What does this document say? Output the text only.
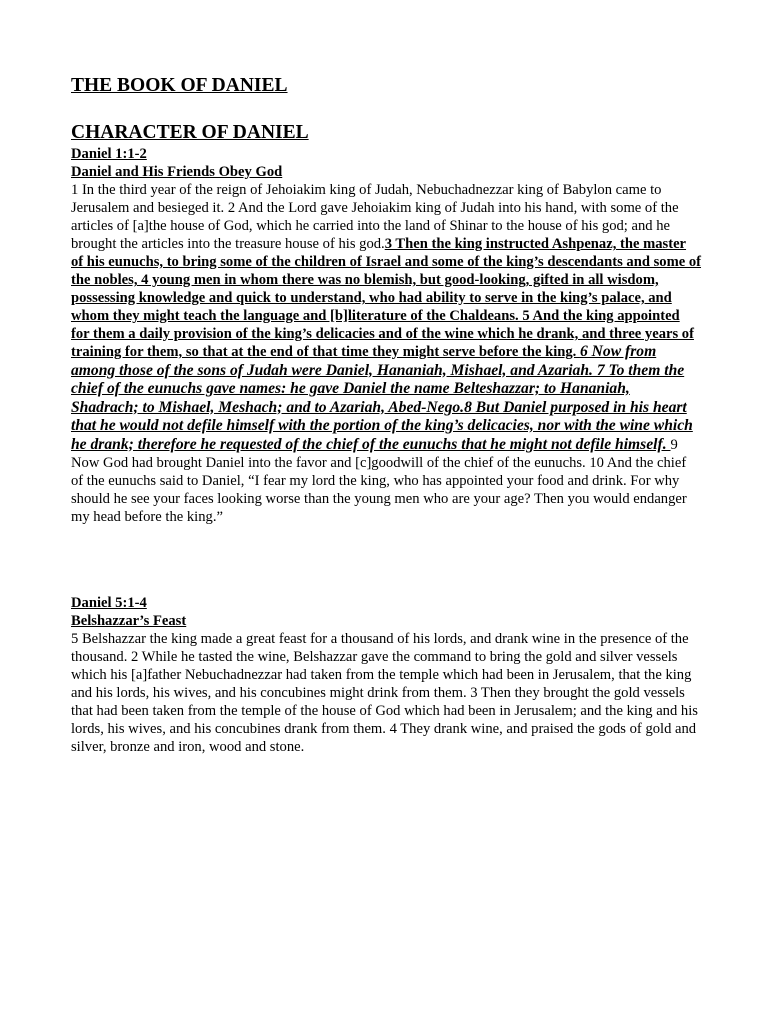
THE BOOK OF DANIEL
CHARACTER OF DANIEL
Daniel 1:1-2
Daniel and His Friends Obey God

1 In the third year of the reign of Jehoiakim king of Judah, Nebuchadnezzar king of Babylon came to Jerusalem and besieged it. 2 And the Lord gave Jehoiakim king of Judah into his hand, with some of the articles of [a]the house of God, which he carried into the land of Shinar to the house of his god; and he brought the articles into the treasure house of his god.3 Then the king instructed Ashpenaz, the master of his eunuchs, to bring some of the children of Israel and some of the king’s descendants and some of the nobles, 4 young men in whom there was no blemish, but good-looking, gifted in all wisdom, possessing knowledge and quick to understand, who had ability to serve in the king’s palace, and whom they might teach the language and [b]literature of the Chaldeans. 5 And the king appointed for them a daily provision of the king’s delicacies and of the wine which he drank, and three years of training for them, so that at the end of that time they might serve before the king. 6 Now from among those of the sons of Judah were Daniel, Hananiah, Mishael, and Azariah. 7 To them the chief of the eunuchs gave names: he gave Daniel the name Belteshazzar; to Hananiah, Shadrach; to Mishael, Meshach; and to Azariah, Abed-Nego.8 But Daniel purposed in his heart that he would not defile himself with the portion of the king’s delicacies, nor with the wine which he drank; therefore he requested of the chief of the eunuchs that he might not defile himself. 9 Now God had brought Daniel into the favor and [c]goodwill of the chief of the eunuchs. 10 And the chief of the eunuchs said to Daniel, “I fear my lord the king, who has appointed your food and drink. For why should he see your faces looking worse than the young men who are your age? Then you would endanger my head before the king.”

Daniel 5:1-4
Belshazzar’s Feast

5 Belshazzar the king made a great feast for a thousand of his lords, and drank wine in the presence of the thousand. 2 While he tasted the wine, Belshazzar gave the command to bring the gold and silver vessels which his [a]father Nebuchadnezzar had taken from the temple which had been in Jerusalem, that the king and his lords, his wives, and his concubines might drink from them. 3 Then they brought the gold vessels that had been taken from the temple of the house of God which had been in Jerusalem; and the king and his lords, his wives, and his concubines drank from them. 4 They drank wine, and praised the gods of gold and silver, bronze and iron, wood and stone.
